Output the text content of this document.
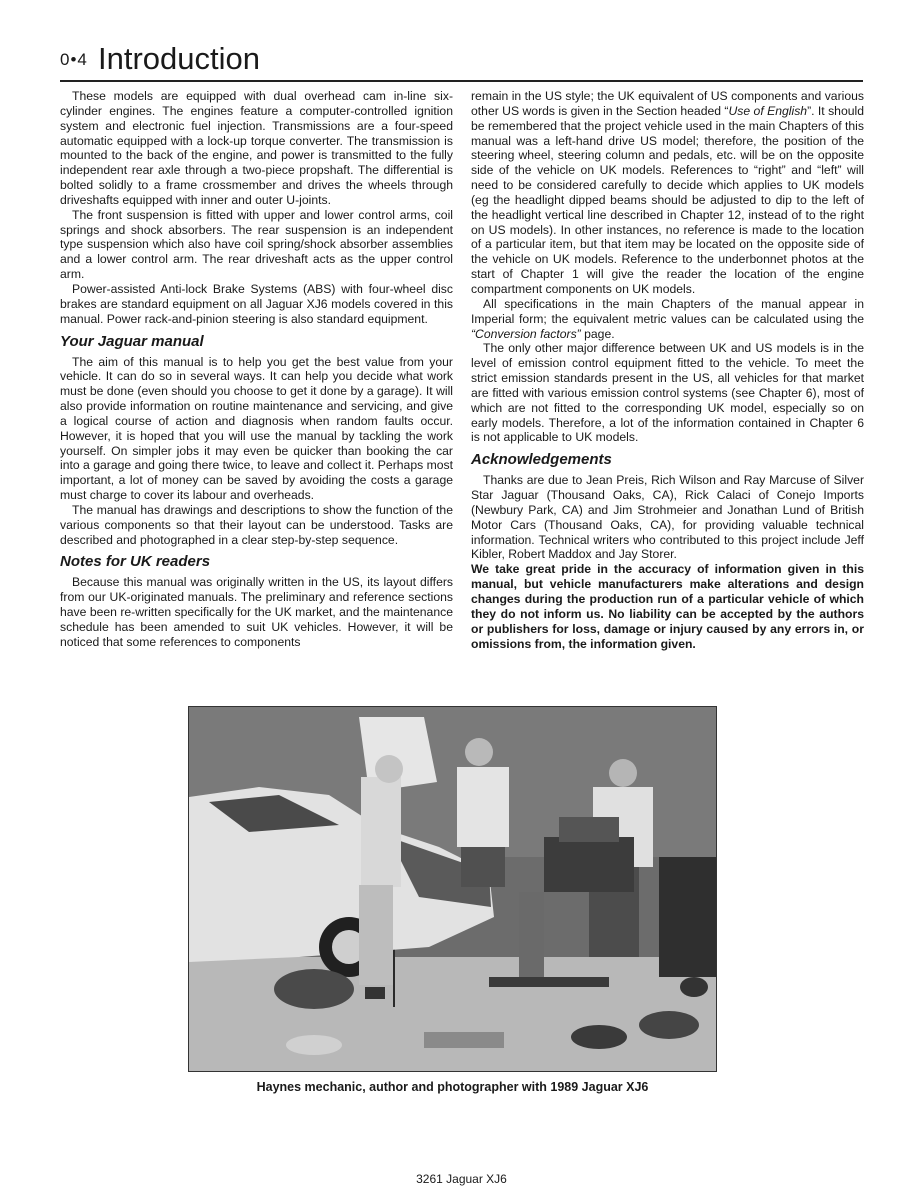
0•4 Introduction

These models are equipped with dual overhead cam in-line six-cylinder engines. The engines feature a computer-controlled ignition system and electronic fuel injection. Transmissions are a four-speed automatic equipped with a lock-up torque converter. The transmission is mounted to the back of the engine, and power is transmitted to the fully independent rear axle through a two-piece propshaft. The differential is bolted solidly to a frame crossmember and drives the wheels through driveshafts equipped with inner and outer U-joints.

The front suspension is fitted with upper and lower control arms, coil springs and shock absorbers. The rear suspension is an independent type suspension which also have coil spring/shock absorber assemblies and a lower control arm. The rear driveshaft acts as the upper control arm.

Power-assisted Anti-lock Brake Systems (ABS) with four-wheel disc brakes are standard equipment on all Jaguar XJ6 models covered in this manual. Power rack-and-pinion steering is also standard equipment.

Your Jaguar manual

The aim of this manual is to help you get the best value from your vehicle. It can do so in several ways. It can help you decide what work must be done (even should you choose to get it done by a garage). It will also provide information on routine maintenance and servicing, and give a logical course of action and diagnosis when random faults occur. However, it is hoped that you will use the manual by tackling the work yourself. On simpler jobs it may even be quicker than booking the car into a garage and going there twice, to leave and collect it. Perhaps most important, a lot of money can be saved by avoiding the costs a garage must charge to cover its labour and overheads.

The manual has drawings and descriptions to show the function of the various components so that their layout can be understood. Tasks are described and photographed in a clear step-by-step sequence.

Notes for UK readers

Because this manual was originally written in the US, its layout differs from our UK-originated manuals. The preliminary and reference sections have been re-written specifically for the UK market, and the maintenance schedule has been amended to suit UK vehicles. However, it will be noticed that some references to components

remain in the US style; the UK equivalent of US components and various other US words is given in the Section headed “Use of English”. It should be remembered that the project vehicle used in the main Chapters of this manual was a left-hand drive US model; therefore, the position of the steering wheel, steering column and pedals, etc. will be on the opposite side of the vehicle on UK models. References to “right” and “left” will need to be considered carefully to decide which applies to UK models (eg the headlight dipped beams should be adjusted to dip to the left of the headlight vertical line described in Chapter 12, instead of to the right on US models). In other instances, no reference is made to the location of a particular item, but that item may be located on the opposite side of the vehicle on UK models. Reference to the underbonnet photos at the start of Chapter 1 will give the reader the location of the engine compartment components on UK models.

All specifications in the main Chapters of the manual appear in Imperial form; the equivalent metric values can be calculated using the “Conversion factors” page.

The only other major difference between UK and US models is in the level of emission control equipment fitted to the vehicle. To meet the strict emission standards present in the US, all vehicles for that market are fitted with various emission control systems (see Chapter 6), most of which are not fitted to the corresponding UK model, especially so on early models. Therefore, a lot of the information contained in Chapter 6 is not applicable to UK models.

Acknowledgements

Thanks are due to Jean Preis, Rich Wilson and Ray Marcuse of Silver Star Jaguar (Thousand Oaks, CA), Rick Calaci of Conejo Imports (Newbury Park, CA) and Jim Strohmeier and Jonathan Lund of British Motor Cars (Thousand Oaks, CA), for providing valuable technical information. Technical writers who contributed to this project include Jeff Kibler, Robert Maddox and Jay Storer.

We take great pride in the accuracy of information given in this manual, but vehicle manufacturers make alterations and design changes during the production run of a particular vehicle of which they do not inform us. No liability can be accepted by the authors or publishers for loss, damage or injury caused by any errors in, or omissions from, the information given.

Haynes mechanic, author and photographer with 1989 Jaguar XJ6
3261 Jaguar XJ6
